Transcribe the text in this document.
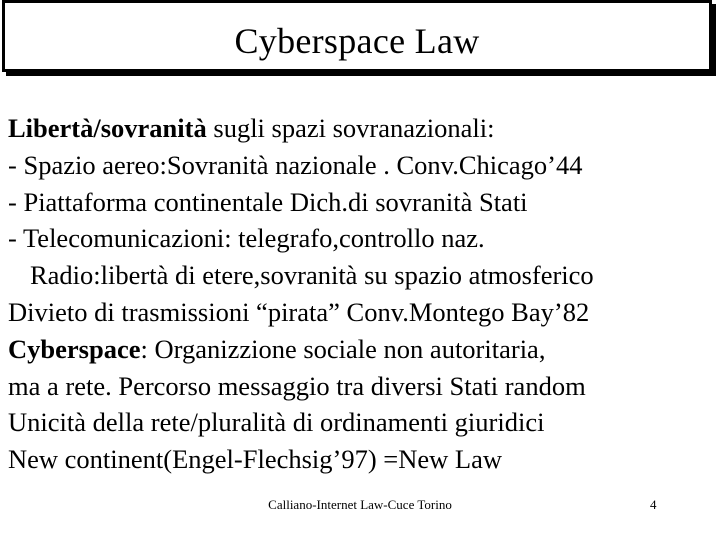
Cyberspace Law
Libertà/sovranità sugli spazi sovranazionali:
- Spazio aereo:Sovranità nazionale . Conv.Chicago’44
- Piattaforma continentale Dich.di sovranità Stati
- Telecomunicazioni: telegrafo,controllo naz.
Radio:libertà di etere,sovranità su spazio atmosferico
Divieto di trasmissioni “pirata” Conv.Montego Bay’82
Cyberspace: Organizzione sociale non autoritaria,
ma a rete. Percorso messaggio tra diversi Stati random
Unicità della rete/pluralità di ordinamenti giuridici
New continent(Engel-Flechsig’97) =New Law
Calliano-Internet Law-Cuce Torino	4
